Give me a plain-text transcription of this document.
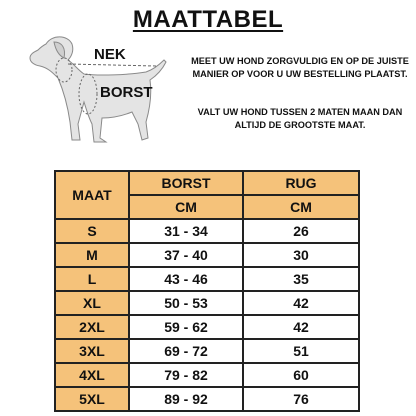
MAATTABEL
NEK
BORST
MEET UW HOND ZORGVULDIG EN OP DE JUISTE MANIER OP VOOR U UW BESTELLING PLAATST.
VALT UW HOND TUSSEN 2 MATEN MAAN DAN ALTIJD DE GROOTSTE MAAT.
MAAT	BORST	RUG
	CM	CM
S	31 - 34	26
M	37 - 40	30
L	43 - 46	35
XL	50 - 53	42
2XL	59 - 62	42
3XL	69 - 72	51
4XL	79 - 82	60
5XL	89 - 92	76
